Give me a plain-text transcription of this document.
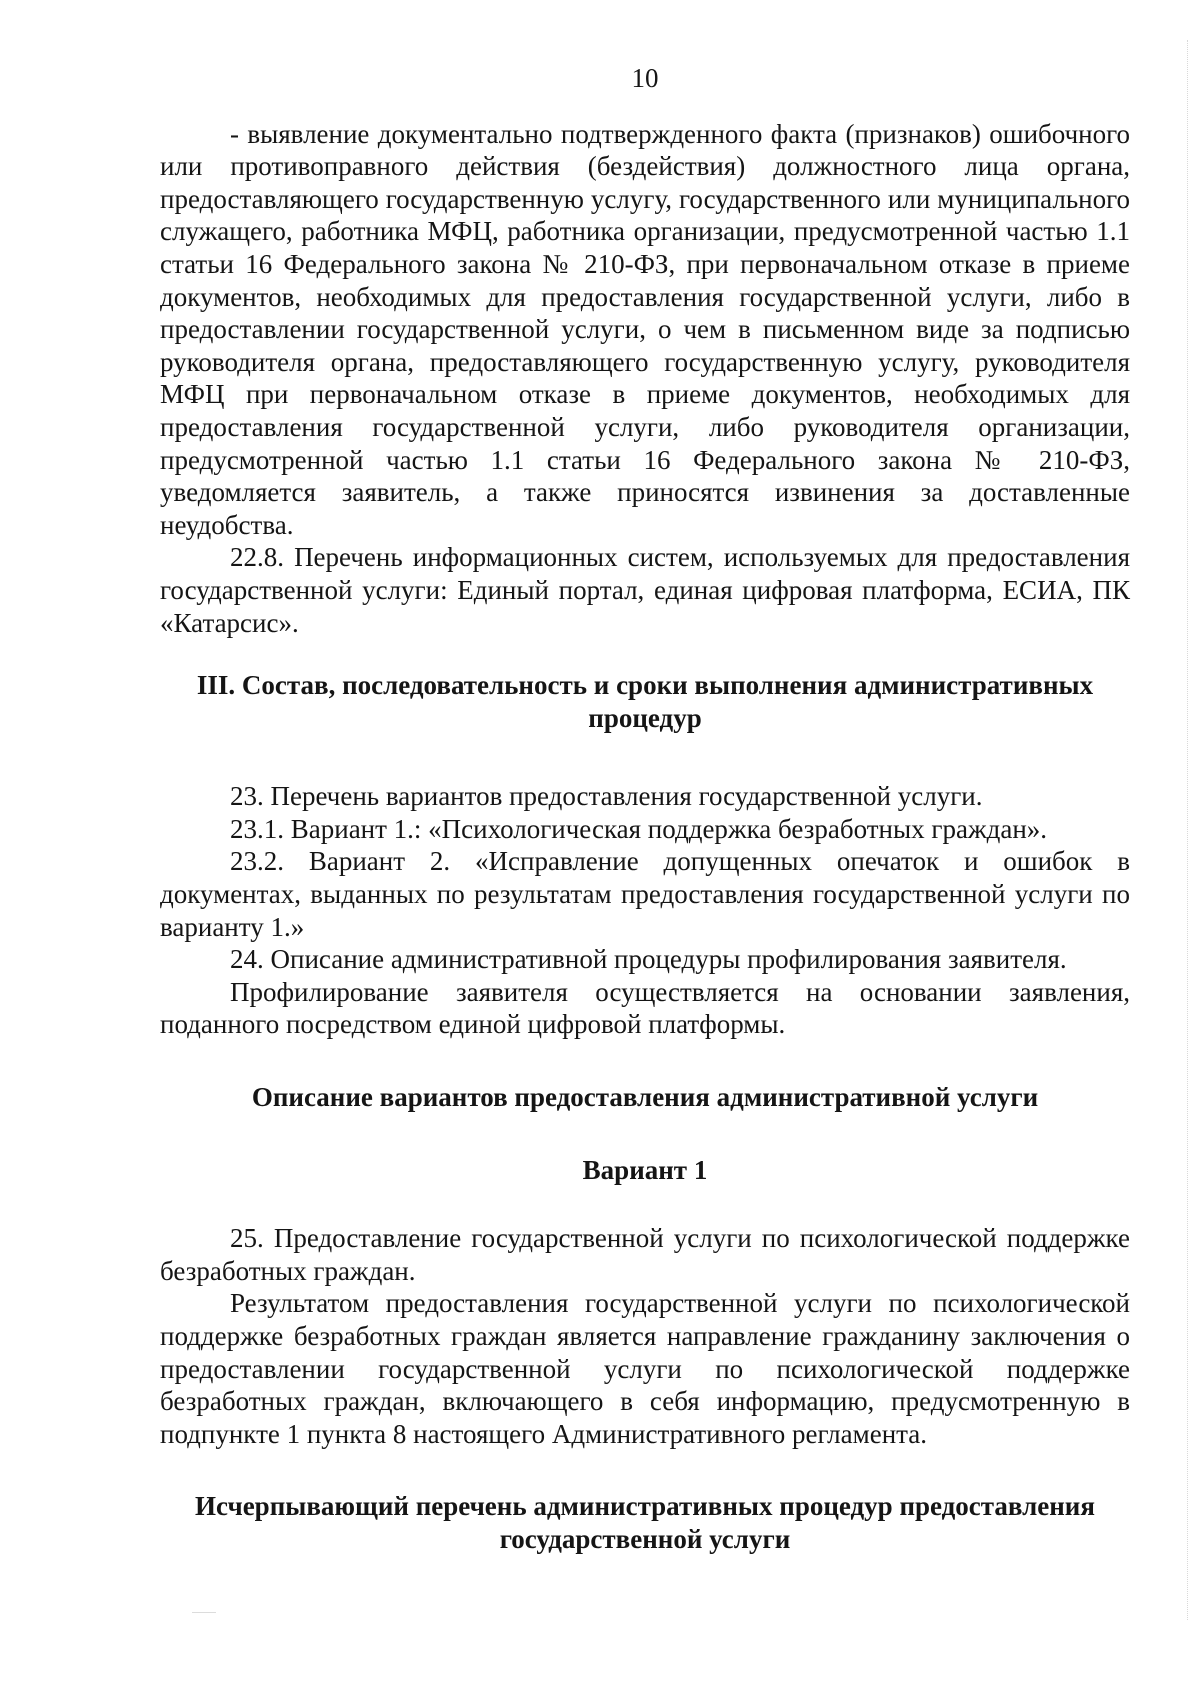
10

- выявление документально подтвержденного факта (признаков) ошибочного или противоправного действия (бездействия) должностного лица органа, предоставляющего государственную услугу, государственного или муниципального служащего, работника МФЦ, работника организации, предусмотренной частью 1.1 статьи 16 Федерального закона № 210-ФЗ, при первоначальном отказе в приеме документов, необходимых для предоставления государственной услуги, либо в предоставлении государственной услуги, о чем в письменном виде за подписью руководителя органа, предоставляющего государственную услугу, руководителя МФЦ при первоначальном отказе в приеме документов, необходимых для предоставления государственной услуги, либо руководителя организации, предусмотренной частью 1.1 статьи 16 Федерального закона № 210-ФЗ, уведомляется заявитель, а также приносятся извинения за доставленные неудобства.

22.8. Перечень информационных систем, используемых для предоставления государственной услуги: Единый портал, единая цифровая платформа, ЕСИА, ПК «Катарсис».

III. Состав, последовательность и сроки выполнения административных
процедур

23. Перечень вариантов предоставления государственной услуги.

23.1. Вариант 1.: «Психологическая поддержка безработных граждан».

23.2. Вариант 2. «Исправление допущенных опечаток и ошибок в документах, выданных по результатам предоставления государственной услуги по варианту 1.»

24. Описание административной процедуры профилирования заявителя.

Профилирование заявителя осуществляется на основании заявления, поданного посредством единой цифровой платформы.

Описание вариантов предоставления административной услуги

Вариант 1

25. Предоставление государственной услуги по психологической поддержке безработных граждан.

Результатом предоставления государственной услуги по психологической поддержке безработных граждан является направление гражданину заключения о предоставлении государственной услуги по психологической поддержке безработных граждан, включающего в себя информацию, предусмотренную в подпункте 1 пункта 8 настоящего Административного регламента.

Исчерпывающий перечень административных процедур предоставления
государственной услуги
